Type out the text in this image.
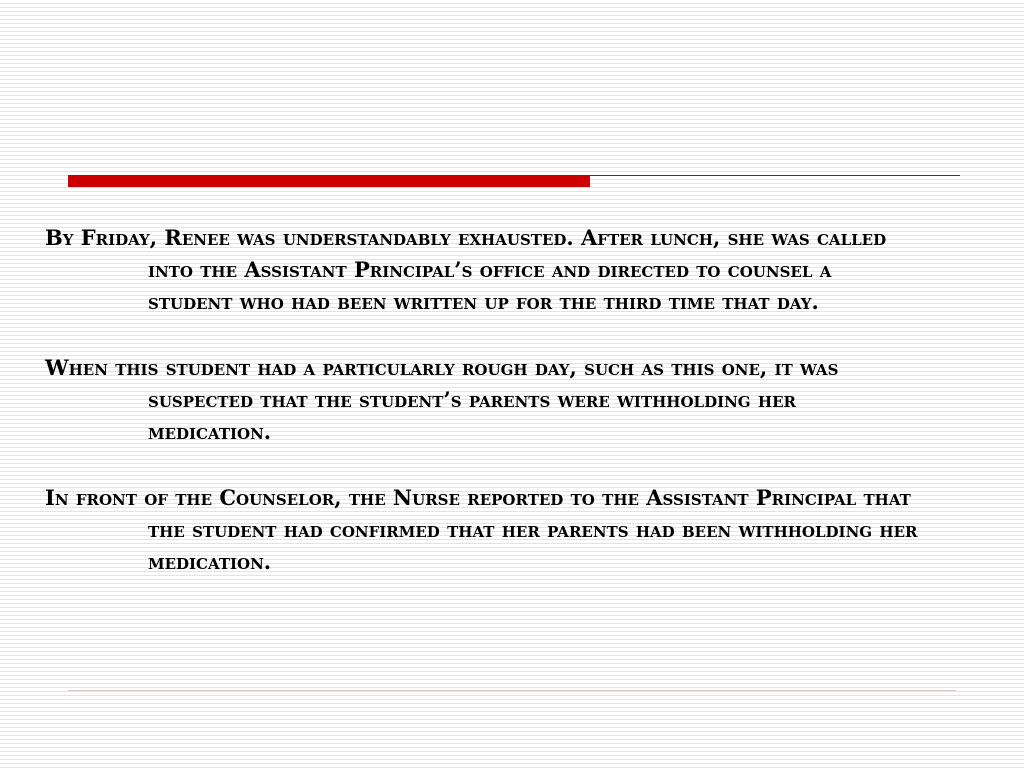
By Friday, Renee was understandably exhausted. After lunch, she was called into the Assistant Principal’s office and directed to counsel a student who had been written up for the third time that day.

When this student had a particularly rough day, such as this one, it was suspected that the student’s parents were withholding her medication.

In front of the Counselor, the Nurse reported to the Assistant Principal that the student had confirmed that her parents had been withholding her medication.
